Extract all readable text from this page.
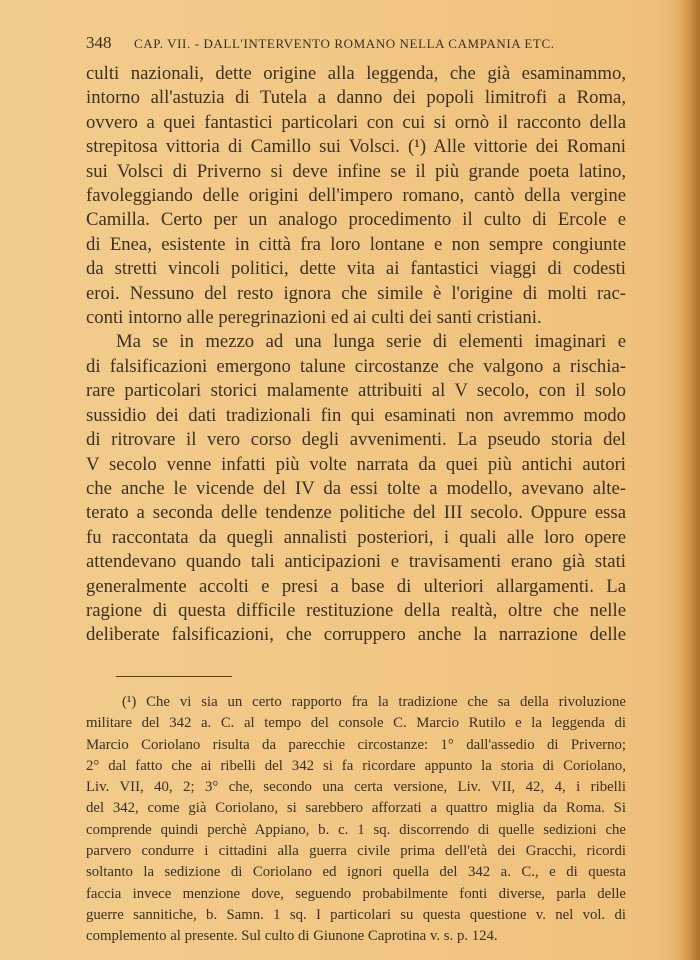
348 CAP. VII. - DALL'INTERVENTO ROMANO NELLA CAMPANIA ETC.
culti nazionali, dette origine alla leggenda, che già esaminammo,
intorno all'astuzia di Tutela a danno dei popoli limitrofi a Roma,
ovvero a quei fantastici particolari con cui si ornò il racconto della
strepitosa vittoria di Camillo sui Volsci. (¹) Alle vittorie dei Romani
sui Volsci di Priverno si deve infine se il più grande poeta latino,
favoleggiando delle origini dell'impero romano, cantò della vergine
Camilla. Certo per un analogo procedimento il culto di Ercole e
di Enea, esistente in città fra loro lontane e non sempre congiunte
da stretti vincoli politici, dette vita ai fantastici viaggi di codesti
eroi. Nessuno del resto ignora che simile è l'origine di molti rac-
conti intorno alle peregrinazioni ed ai culti dei santi cristiani.
Ma se in mezzo ad una lunga serie di elementi imaginari e
di falsificazioni emergono talune circostanze che valgono a rischia-
rare particolari storici malamente attribuiti al V secolo, con il solo
sussidio dei dati tradizionali fin qui esaminati non avremmo modo
di ritrovare il vero corso degli avvenimenti. La pseudo storia del
V secolo venne infatti più volte narrata da quei più antichi autori
che anche le vicende del IV da essi tolte a modello, avevano alte-
terato a seconda delle tendenze politiche del III secolo. Oppure essa
fu raccontata da quegli annalisti posteriori, i quali alle loro opere
attendevano quando tali anticipazioni e travisamenti erano già stati
generalmente accolti e presi a base di ulteriori allargamenti. La
ragione di questa difficile restituzione della realtà, oltre che nelle
deliberate falsificazioni, che corruppero anche la narrazione delle
(¹) Che vi sia un certo rapporto fra la tradizione che sa della rivoluzione
militare del 342 a. C. al tempo del console C. Marcio Rutilo e la leggenda di
Marcio Coriolano risulta da parecchie circostanze: 1° dall'assedio di Priverno;
2° dal fatto che ai ribelli del 342 si fa ricordare appunto la storia di Coriolano,
Liv. VII, 40, 2; 3° che, secondo una certa versione, Liv. VII, 42, 4, i ribelli
del 342, come già Coriolano, si sarebbero afforzati a quattro miglia da Roma. Si
comprende quindi perchè Appiano, b. c. 1 sq. discorrendo di quelle sedizioni che
parvero condurre i cittadini alla guerra civile prima dell'età dei Gracchi, ricordi
soltanto la sedizione di Coriolano ed ignori quella del 342 a. C., e di questa
faccia invece menzione dove, seguendo probabilmente fonti diverse, parla delle
guerre sannitiche, b. Samn. 1 sq. I particolari su questa questione v. nel vol. di
complemento al presente. Sul culto di Giunone Caprotina v. s. p. 124.
